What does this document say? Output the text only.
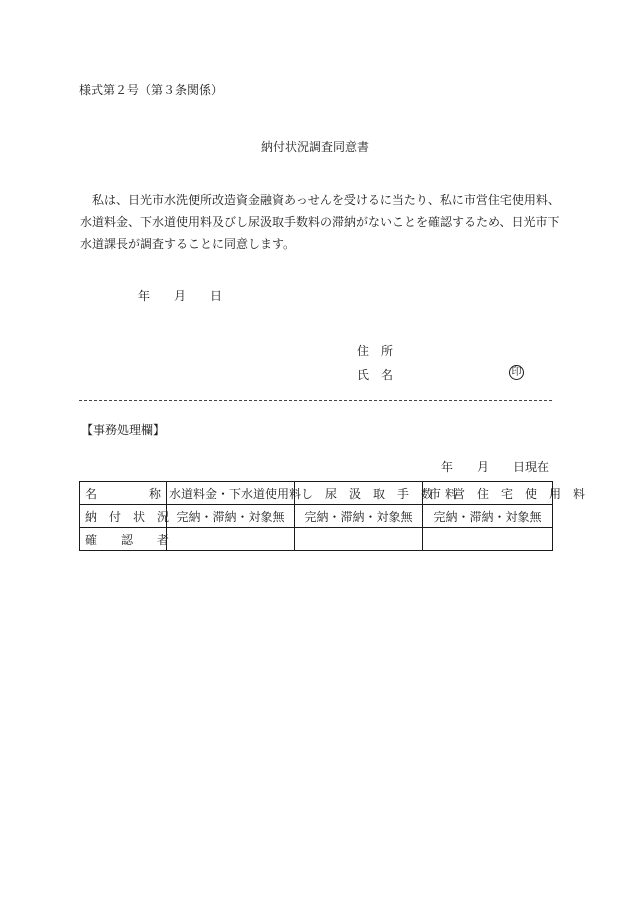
様式第２号（第３条関係）
納付状況調査同意書
　私は、日光市水洗便所改造資金融資あっせんを受けるに当たり、私に市営住宅使用料、
水道料金、下水道使用料及びし尿汲取手数料の滞納がないことを確認するため、日光市下
水道課長が調査することに同意します。
年 月 日
住　所
氏　名	印
【事務処理欄】
年 月 日現在
名　　　称	水道料金・下水道使用料	し　尿　汲　取　手　数　料	市　営　住　宅　使　用　料
納　付　状　況	完納・滞納・対象無	完納・滞納・対象無	完納・滞納・対象無
確　　認　　者			
